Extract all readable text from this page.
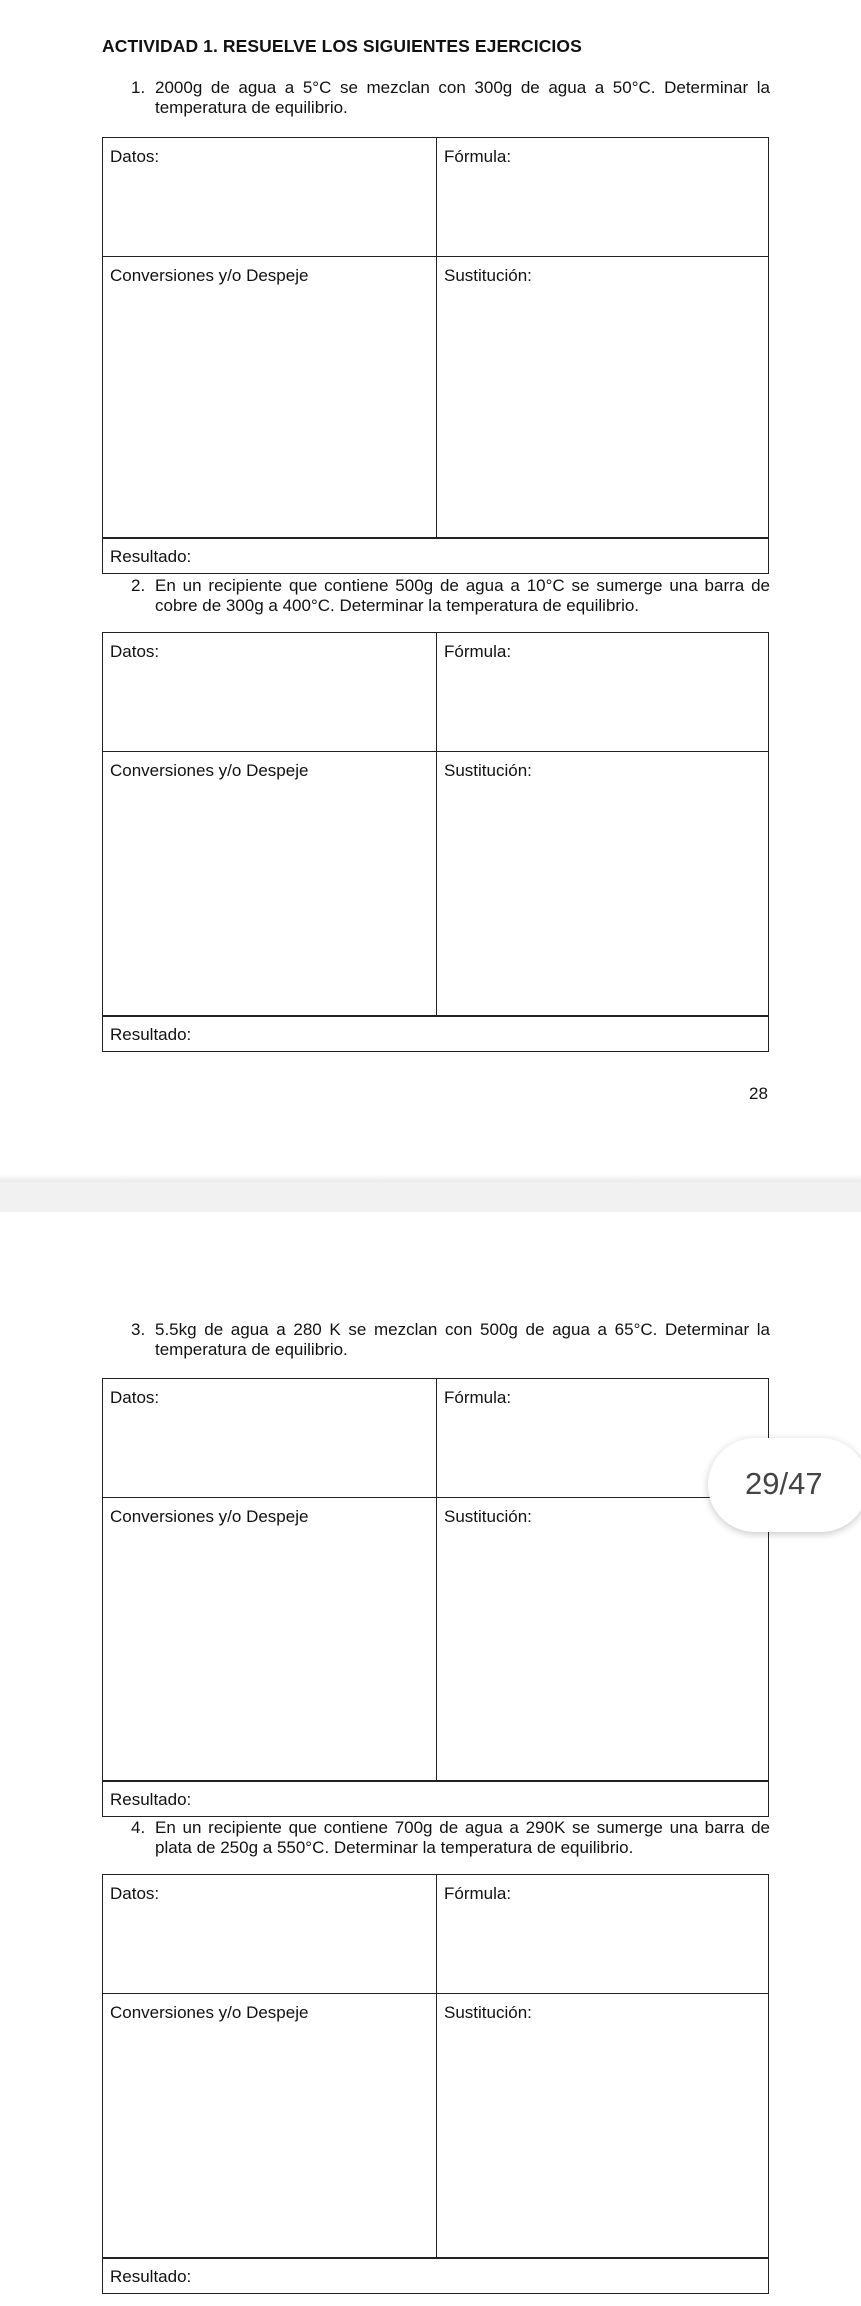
ACTIVIDAD 1. RESUELVE LOS SIGUIENTES EJERCICIOS
1. 2000g de agua a 5°C se mezclan con 300g de agua a 50°C. Determinar la temperatura de equilibrio.
Datos:	Fórmula:
Conversiones y/o Despeje	Sustitución:
Resultado:
2. En un recipiente que contiene 500g de agua a 10°C se sumerge una barra de cobre de 300g a 400°C. Determinar la temperatura de equilibrio.
Datos:	Fórmula:
Conversiones y/o Despeje	Sustitución:
Resultado:
28
3. 5.5kg de agua a 280 K se mezclan con 500g de agua a 65°C. Determinar la temperatura de equilibrio.
Datos:	Fórmula:
Conversiones y/o Despeje	Sustitución:
Resultado:
4. En un recipiente que contiene 700g de agua a 290K se sumerge una barra de plata de 250g a 550°C. Determinar la temperatura de equilibrio.
Datos:	Fórmula:
Conversiones y/o Despeje	Sustitución:
Resultado:
29/47
